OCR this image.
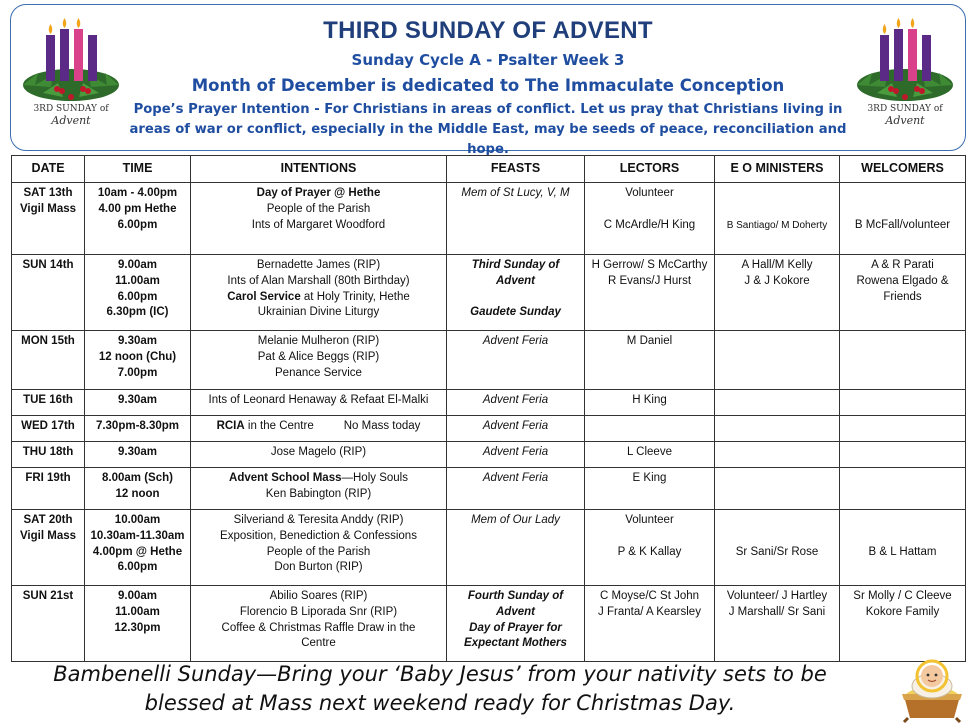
3RD SUNDAY of Advent
THIRD SUNDAY OF ADVENT
Sunday Cycle A - Psalter Week 3
Month of December is dedicated to The Immaculate Conception
Pope’s Prayer Intention - For Christians in areas of conflict. Let us pray that Christians living in
areas of war or conflict, especially in the Middle East, may be seeds of peace, reconciliation and hope.
3RD SUNDAY of Advent
DATE	TIME	INTENTIONS	FEASTS	LECTORS	E O MINISTERS	WELCOMERS

SAT 13th
Vigil Mass	10am - 4.00pm
4.00 pm Hethe
6.00pm	Day of Prayer @ Hethe
People of the Parish
Ints of Margaret Woodford	Mem of St Lucy, V, M	Volunteer
C McArdle/H King	B Santiago/ M Doherty	B McFall/volunteer

SUN 14th	9.00am
11.00am
6.00pm
6.30pm (IC)	Bernadette James (RIP)
Ints of Alan Marshall (80th Birthday)
Carol Service at Holy Trinity, Hethe
Ukrainian Divine Liturgy	Third Sunday of
Advent
Gaudete Sunday	H Gerrow/ S McCarthy
R Evans/J Hurst	A Hall/M Kelly
J & J Kokore	A & R Parati
Rowena Elgado &
Friends

MON 15th	9.30am
12 noon (Chu)
7.00pm	Melanie Mulheron (RIP)
Pat & Alice Beggs (RIP)
Penance Service	Advent Feria	M Daniel		

TUE 16th	9.30am	Ints of Leonard Henaway & Refaat El-Malki	Advent Feria	H King		

WED 17th	7.30pm-8.30pm	RCIA in the Centre No Mass today	Advent Feria			

THU 18th	9.30am	Jose Magelo (RIP)	Advent Feria	L Cleeve		

FRI 19th	8.00am (Sch)
12 noon	Advent School Mass—Holy Souls
Ken Babington (RIP)	Advent Feria	E King		

SAT 20th
Vigil Mass	10.00am
10.30am-11.30am
4.00pm @ Hethe
6.00pm	Silveriand & Teresita Anddy (RIP)
Exposition, Benediction & Confessions
People of the Parish
Don Burton (RIP)	Mem of Our Lady	Volunteer
P & K Kallay	Sr Sani/Sr Rose	B & L Hattam

SUN 21st	9.00am
11.00am
12.30pm	Abilio Soares (RIP)
Florencio B Liporada Snr (RIP)
Coffee & Christmas Raffle Draw in the
Centre	Fourth Sunday of
Advent
Day of Prayer for
Expectant Mothers	C Moyse/C St John
J Franta/ A Kearsley	Volunteer/ J Hartley
J Marshall/ Sr Sani	Sr Molly / C Cleeve
Kokore Family
Bambenelli Sunday—Bring your ‘Baby Jesus’ from your nativity sets to be
blessed at Mass next weekend ready for Christmas Day.
